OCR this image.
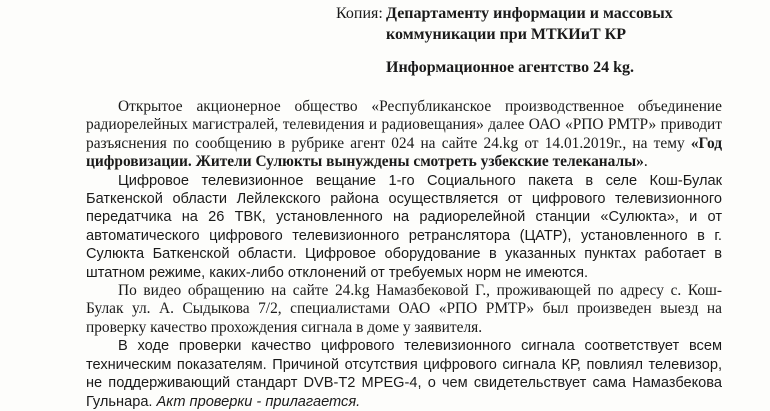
Копия: Департаменту информации и массовых
коммуникации при МТКИиТ КР
Информационное агентство 24 kg.

Открытое акционерное общество «Республиканское производственное объединение радиорелейных магистралей, телевидения и радиовещания» далее ОАО «РПО РМТР» приводит разъяснения по сообщению в рубрике агент 024 на сайте 24.kg от 14.01.2019г., на тему «Год цифровизации. Жители Сулюкты вынуждены смотреть узбекские телеканалы».

Цифровое телевизионное вещание 1-го Социального пакета в селе Кош-Булак Баткенской области Лейлекского района осуществляется от цифрового телевизионного передатчика на 26 ТВК, установленного на радиорелейной станции «Сулюкта», и от автоматического цифрового телевизионного ретранслятора (ЦАТР), установленного в г. Сулюкта Баткенской области. Цифровое оборудование в указанных пунктах работает в штатном режиме, каких-либо отклонений от требуемых норм не имеются.

По видео обращению на сайте 24.kg Намазбековой Г., проживающей по адресу с. Кош-Булак ул. А. Сыдыкова 7/2, специалистами ОАО «РПО РМТР» был произведен выезд на проверку качество прохождения сигнала в доме у заявителя.

В ходе проверки качество цифрового телевизионного сигнала соответствует всем техническим показателям. Причиной отсутствия цифрового сигнала КР, повлиял телевизор, не поддерживающий стандарт DVB-T2 MPEG-4, о чем свидетельствует сама Намазбекова Гульнара. Акт проверки - прилагается.
